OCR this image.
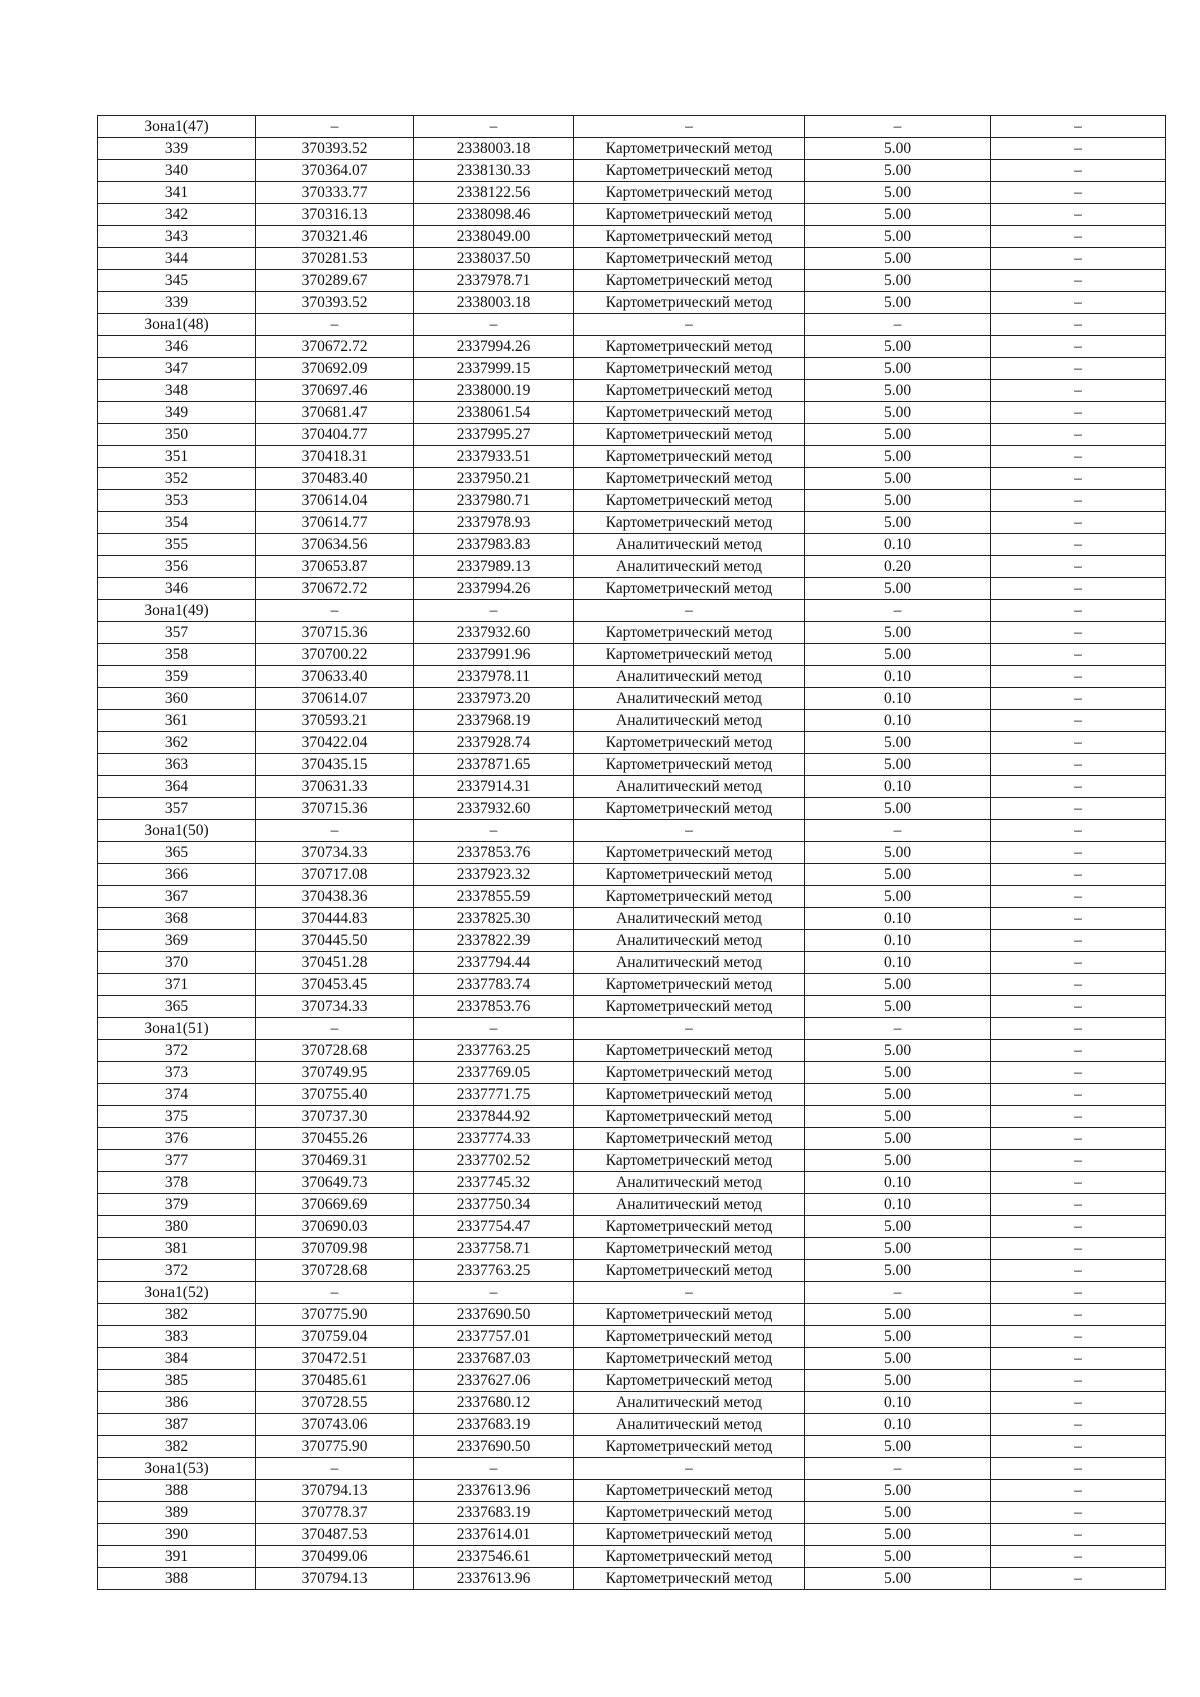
Зона1(47)	–	–	–	–	–
339	370393.52	2338003.18	Картометрический метод	5.00	–
340	370364.07	2338130.33	Картометрический метод	5.00	–
341	370333.77	2338122.56	Картометрический метод	5.00	–
342	370316.13	2338098.46	Картометрический метод	5.00	–
343	370321.46	2338049.00	Картометрический метод	5.00	–
344	370281.53	2338037.50	Картометрический метод	5.00	–
345	370289.67	2337978.71	Картометрический метод	5.00	–
339	370393.52	2338003.18	Картометрический метод	5.00	–
Зона1(48)	–	–	–	–	–
346	370672.72	2337994.26	Картометрический метод	5.00	–
347	370692.09	2337999.15	Картометрический метод	5.00	–
348	370697.46	2338000.19	Картометрический метод	5.00	–
349	370681.47	2338061.54	Картометрический метод	5.00	–
350	370404.77	2337995.27	Картометрический метод	5.00	–
351	370418.31	2337933.51	Картометрический метод	5.00	–
352	370483.40	2337950.21	Картометрический метод	5.00	–
353	370614.04	2337980.71	Картометрический метод	5.00	–
354	370614.77	2337978.93	Картометрический метод	5.00	–
355	370634.56	2337983.83	Аналитический метод	0.10	–
356	370653.87	2337989.13	Аналитический метод	0.20	–
346	370672.72	2337994.26	Картометрический метод	5.00	–
Зона1(49)	–	–	–	–	–
357	370715.36	2337932.60	Картометрический метод	5.00	–
358	370700.22	2337991.96	Картометрический метод	5.00	–
359	370633.40	2337978.11	Аналитический метод	0.10	–
360	370614.07	2337973.20	Аналитический метод	0.10	–
361	370593.21	2337968.19	Аналитический метод	0.10	–
362	370422.04	2337928.74	Картометрический метод	5.00	–
363	370435.15	2337871.65	Картометрический метод	5.00	–
364	370631.33	2337914.31	Аналитический метод	0.10	–
357	370715.36	2337932.60	Картометрический метод	5.00	–
Зона1(50)	–	–	–	–	–
365	370734.33	2337853.76	Картометрический метод	5.00	–
366	370717.08	2337923.32	Картометрический метод	5.00	–
367	370438.36	2337855.59	Картометрический метод	5.00	–
368	370444.83	2337825.30	Аналитический метод	0.10	–
369	370445.50	2337822.39	Аналитический метод	0.10	–
370	370451.28	2337794.44	Аналитический метод	0.10	–
371	370453.45	2337783.74	Картометрический метод	5.00	–
365	370734.33	2337853.76	Картометрический метод	5.00	–
Зона1(51)	–	–	–	–	–
372	370728.68	2337763.25	Картометрический метод	5.00	–
373	370749.95	2337769.05	Картометрический метод	5.00	–
374	370755.40	2337771.75	Картометрический метод	5.00	–
375	370737.30	2337844.92	Картометрический метод	5.00	–
376	370455.26	2337774.33	Картометрический метод	5.00	–
377	370469.31	2337702.52	Картометрический метод	5.00	–
378	370649.73	2337745.32	Аналитический метод	0.10	–
379	370669.69	2337750.34	Аналитический метод	0.10	–
380	370690.03	2337754.47	Картометрический метод	5.00	–
381	370709.98	2337758.71	Картометрический метод	5.00	–
372	370728.68	2337763.25	Картометрический метод	5.00	–
Зона1(52)	–	–	–	–	–
382	370775.90	2337690.50	Картометрический метод	5.00	–
383	370759.04	2337757.01	Картометрический метод	5.00	–
384	370472.51	2337687.03	Картометрический метод	5.00	–
385	370485.61	2337627.06	Картометрический метод	5.00	–
386	370728.55	2337680.12	Аналитический метод	0.10	–
387	370743.06	2337683.19	Аналитический метод	0.10	–
382	370775.90	2337690.50	Картометрический метод	5.00	–
Зона1(53)	–	–	–	–	–
388	370794.13	2337613.96	Картометрический метод	5.00	–
389	370778.37	2337683.19	Картометрический метод	5.00	–
390	370487.53	2337614.01	Картометрический метод	5.00	–
391	370499.06	2337546.61	Картометрический метод	5.00	–
388	370794.13	2337613.96	Картометрический метод	5.00	–
